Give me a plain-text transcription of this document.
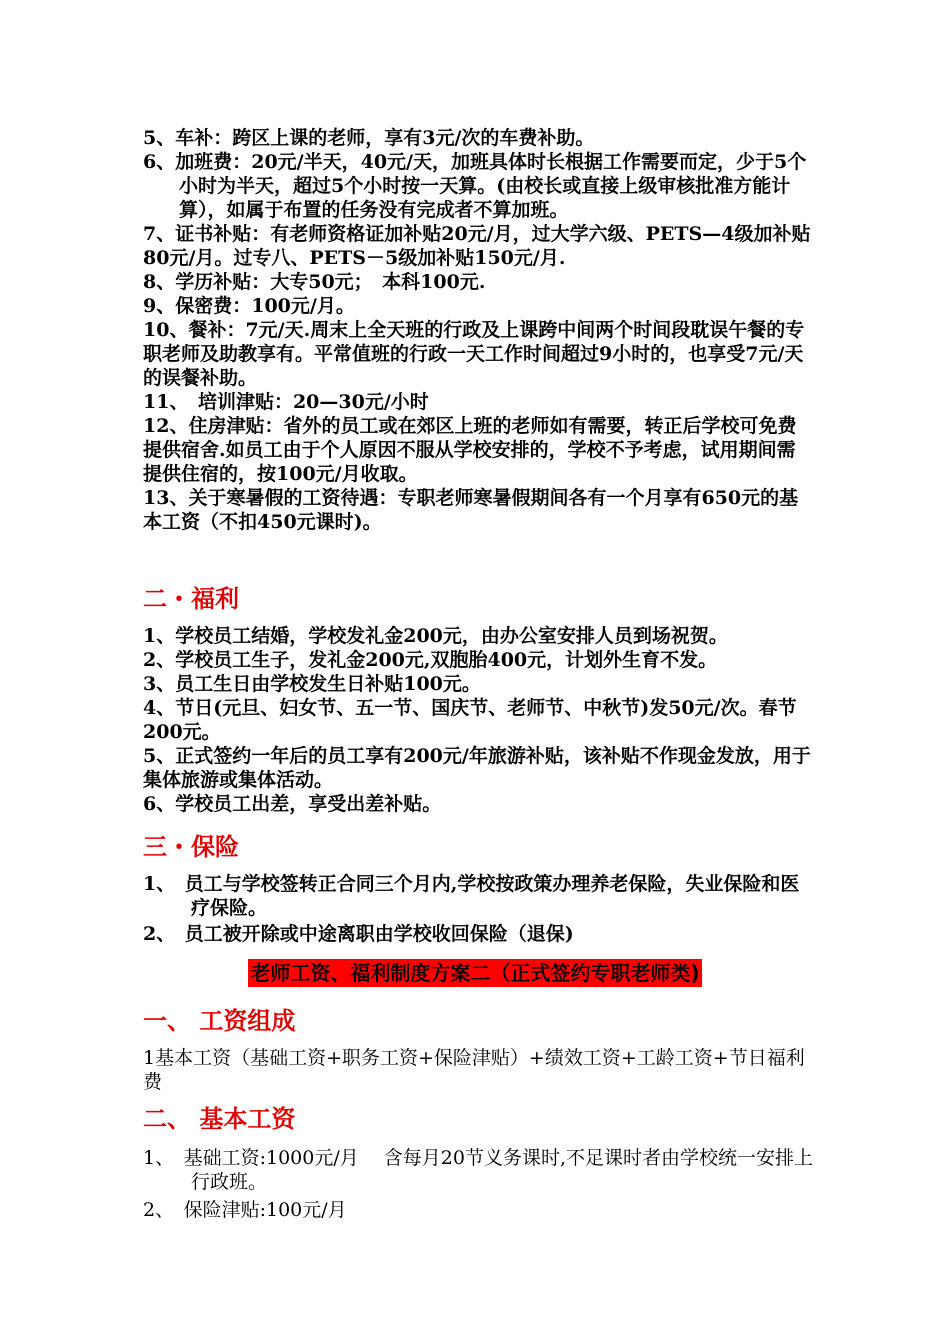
5、车补：跨区上课的老师，享有3元/次的车费补助。

6、加班费：20元/半天，40元/天，加班具体时长根据工作需要而定，少于5个小时为半天，超过5个小时按一天算。(由校长或直接上级审核批准方能计算），如属于布置的任务没有完成者不算加班。

7、证书补贴：有老师资格证加补贴20元/月，过大学六级、PETS—4级加补贴80元/月。过专八、PETS－5级加补贴150元/月.

8、学历补贴：大专50元；　本科100元.

9、保密费：100元/月。

10、餐补：7元/天.周末上全天班的行政及上课跨中间两个时间段耽误午餐的专职老师及助教享有。平常值班的行政一天工作时间超过9小时的，也享受7元/天的误餐补助。

11、　培训津贴：20—30元/小时

12、住房津贴：省外的员工或在郊区上班的老师如有需要，转正后学校可免费提供宿舍.如员工由于个人原因不服从学校安排的，学校不予考虑，试用期间需提供住宿的，按100元/月收取。

13、关于寒暑假的工资待遇：专职老师寒暑假期间各有一个月享有650元的基本工资（不扣450元课时)。

二・福利

1、学校员工结婚，学校发礼金200元，由办公室安排人员到场祝贺。

2、学校员工生子，发礼金200元,双胞胎400元，计划外生育不发。

3、员工生日由学校发生日补贴100元。

4、节日(元旦、妇女节、五一节、国庆节、老师节、中秋节)发50元/次。春节200元。

5、正式签约一年后的员工享有200元/年旅游补贴，该补贴不作现金发放，用于集体旅游或集体活动。

6、学校员工出差，享受出差补贴。

三・保险

1、　员工与学校签转正合同三个月内,学校按政策办理养老保险，失业保险和医疗保险。

2、　员工被开除或中途离职由学校收回保险（退保)

老师工资、福利制度方案二（正式签约专职老师类)
一、 工资组成

1基本工资（基础工资+职务工资+保险津贴）+绩效工资+工龄工资+节日福利费

二、 基本工资

1、　基础工资:1000元/月　 含每月20节义务课时,不足课时者由学校统一安排上行政班。

2、　保险津贴:100元/月
